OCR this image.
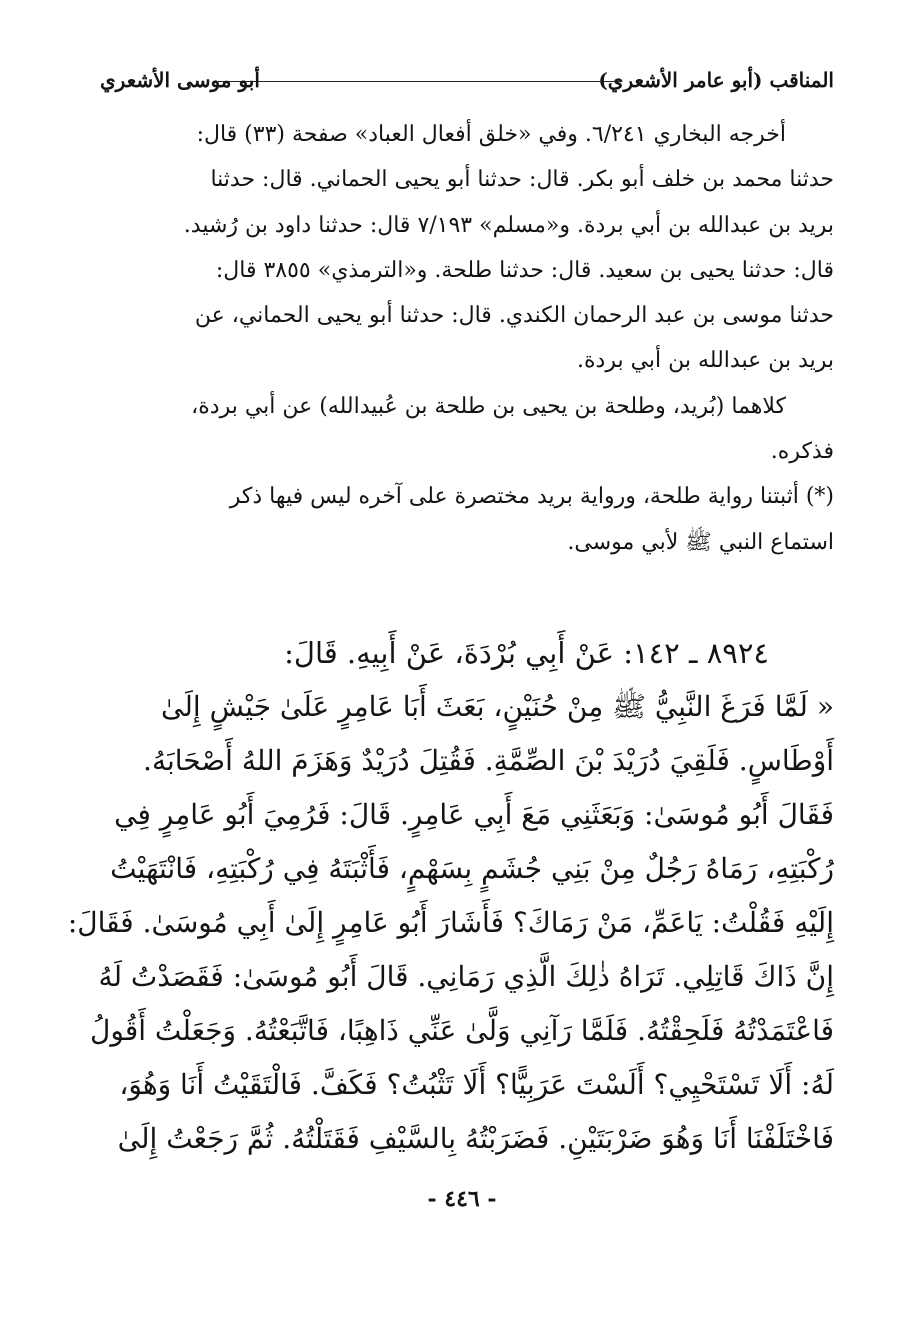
المناقب (أبو عامر الأشعري)
أبو موسى الأشعري
أخرجه البخاري ٦/٢٤١. وفي «خلق أفعال العباد» صفحة (٣٣) قال:
حدثنا محمد بن خلف أبو بكر. قال: حدثنا أبو يحيى الحماني. قال: حدثنا
بريد بن عبدالله بن أبي بردة. و«مسلم» ٧/١٩٣ قال: حدثنا داود بن رُشيد.
قال: حدثنا يحيى بن سعيد. قال: حدثنا طلحة. و«الترمذي» ٣٨٥٥ قال:
حدثنا موسى بن عبد الرحمان الكندي. قال: حدثنا أبو يحيى الحماني، عن
بريد بن عبدالله بن أبي بردة.
كلاهما (بُريد، وطلحة بن يحيى بن طلحة بن عُبيدالله) عن أبي بردة،
فذكره.
(*) أثبتنا رواية طلحة، ورواية بريد مختصرة على آخره ليس فيها ذكر
استماع النبي ﷺ لأبي موسى.
٨٩٢٤ ـ ١٤٢: عَنْ أَبِي بُرْدَةَ، عَنْ أَبِيهِ. قَالَ:
« لَمَّا فَرَغَ النَّبِيُّ ﷺ مِنْ حُنَيْنٍ، بَعَثَ أَبَا عَامِرٍ عَلَىٰ جَيْشٍ إِلَىٰ
أَوْطَاسٍ. فَلَقِيَ دُرَيْدَ بْنَ الصِّمَّةِ. فَقُتِلَ دُرَيْدٌ وَهَزَمَ اللهُ أَصْحَابَهُ.
فَقَالَ أَبُو مُوسَىٰ: وَبَعَثَنِي مَعَ أَبِي عَامِرٍ. قَالَ: فَرُمِيَ أَبُو عَامِرٍ فِي
رُكْبَتِهِ، رَمَاهُ رَجُلٌ مِنْ بَنِي جُشَمٍ بِسَهْمٍ، فَأَثْبَتَهُ فِي رُكْبَتِهِ، فَانْتَهَيْتُ
إِلَيْهِ فَقُلْتُ: يَاعَمِّ، مَنْ رَمَاكَ؟ فَأَشَارَ أَبُو عَامِرٍ إِلَىٰ أَبِي مُوسَىٰ. فَقَالَ:
إِنَّ ذَاكَ قَاتِلِي. تَرَاهُ ذٰلِكَ الَّذِي رَمَانِي. قَالَ أَبُو مُوسَىٰ: فَقَصَدْتُ لَهُ
فَاعْتَمَدْتُهُ فَلَحِقْتُهُ. فَلَمَّا رَآنِي وَلَّىٰ عَنِّي ذَاهِبًا، فَاتَّبَعْتُهُ. وَجَعَلْتُ أَقُولُ
لَهُ: أَلَا تَسْتَحْيِي؟ أَلَسْتَ عَرَبِيًّا؟ أَلَا تَثْبُتُ؟ فَكَفَّ. فَالْتَقَيْتُ أَنَا وَهُوَ،
فَاخْتَلَفْنَا أَنَا وَهُوَ ضَرْبَتَيْنِ. فَضَرَبْتُهُ بِالسَّيْفِ فَقَتَلْتُهُ. ثُمَّ رَجَعْتُ إِلَىٰ
- ٤٤٦ -
